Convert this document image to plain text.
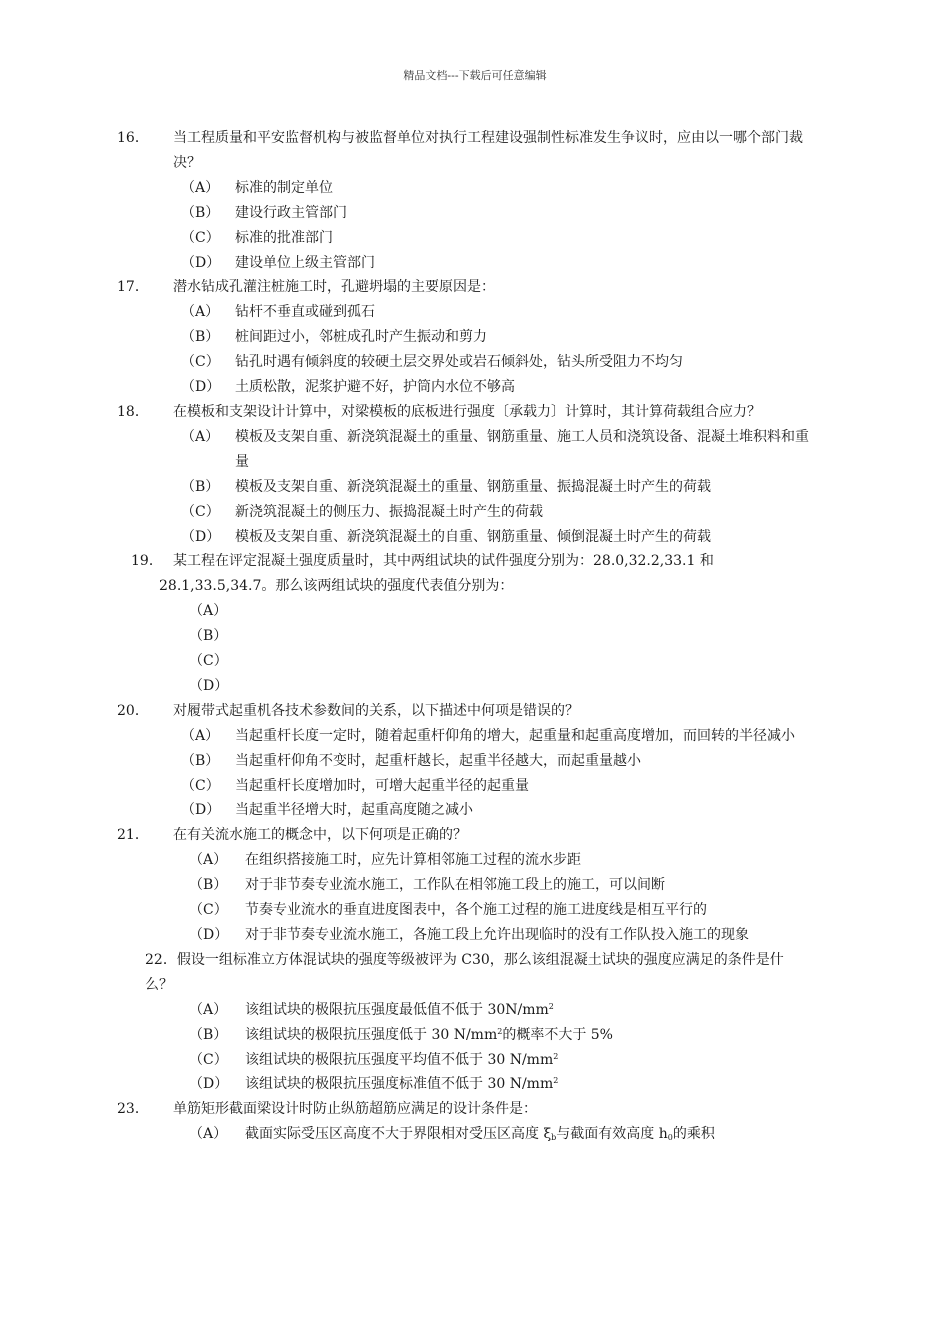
精品文档---下载后可任意编辑
16． 当工程质量和平安监督机构与被监督单位对执行工程建设强制性标准发生争议时，应由以一哪个部门裁决？
（A） 标准的制定单位
（B） 建设行政主管部门
（C） 标准的批准部门
（D） 建设单位上级主管部门
17． 潜水钻成孔灌注桩施工时，孔避坍塌的主要原因是：
（A） 钻杆不垂直或碰到孤石
（B） 桩间距过小，邻桩成孔时产生振动和剪力
（C） 钻孔时遇有倾斜度的较硬土层交界处或岩石倾斜处，钻头所受阻力不均匀
（D） 土质松散，泥浆护避不好，护筒内水位不够高
18． 在模板和支架设计计算中，对梁模板的底板进行强度〔承载力〕计算时，其计算荷载组合应力？
（A） 模板及支架自重、新浇筑混凝土的重量、钢筋重量、施工人员和浇筑设备、混凝土堆积料和重量
（B） 模板及支架自重、新浇筑混凝土的重量、钢筋重量、振捣混凝土时产生的荷载
（C） 新浇筑混凝土的侧压力、振捣混凝土时产生的荷载
（D） 模板及支架自重、新浇筑混凝土的自重、钢筋重量、倾倒混凝土时产生的荷载
19． 某工程在评定混凝土强度质量时，其中两组试块的试件强度分别为：28.0,32.2,33.1 和 28.1,33.5,34.7。那么该两组试块的强度代表值分别为：
（A）

（B）

（C）

（D）

20． 对履带式起重机各技术参数间的关系，以下描述中何项是错误的？
（A） 当起重杆长度一定时，随着起重杆仰角的增大，起重量和起重高度增加，而回转的半径减小
（B） 当起重杆仰角不变时，起重杆越长，起重半径越大，而起重量越小
（C） 当起重杆长度增加时，可增大起重半径的起重量
（D） 当起重半径增大时，起重高度随之减小
21． 在有关流水施工的概念中，以下何项是正确的？
（A） 在组织搭接施工时，应先计算相邻施工过程的流水步距
（B） 对于非节奏专业流水施工，工作队在相邻施工段上的施工，可以间断
（C） 节奏专业流水的垂直进度图表中，各个施工过程的施工进度线是相互平行的
（D） 对于非节奏专业流水施工，各施工段上允许出现临时的没有工作队投入施工的现象
22．假设一组标准立方体混试块的强度等级被评为 C30，那么该组混凝土试块的强度应满足的条件是什么？
（A） 该组试块的极限抗压强度最低值不低于 $30N/mm^2$
（B） 该组试块的极限抗压强度低于 30 $N/mm^2$的概率不大于 5%
（C） 该组试块的极限抗压强度平均值不低于 30 $N/mm^2$
（D） 该组试块的极限抗压强度标准值不低于 30 $N/mm^2$
23． 单筋矩形截面梁设计时防止纵筋超筋应满足的设计条件是：
（A） 截面实际受压区高度不大于界限相对受压区高度 $\xi_b$与截面有效高度 $h_0$的乘积
